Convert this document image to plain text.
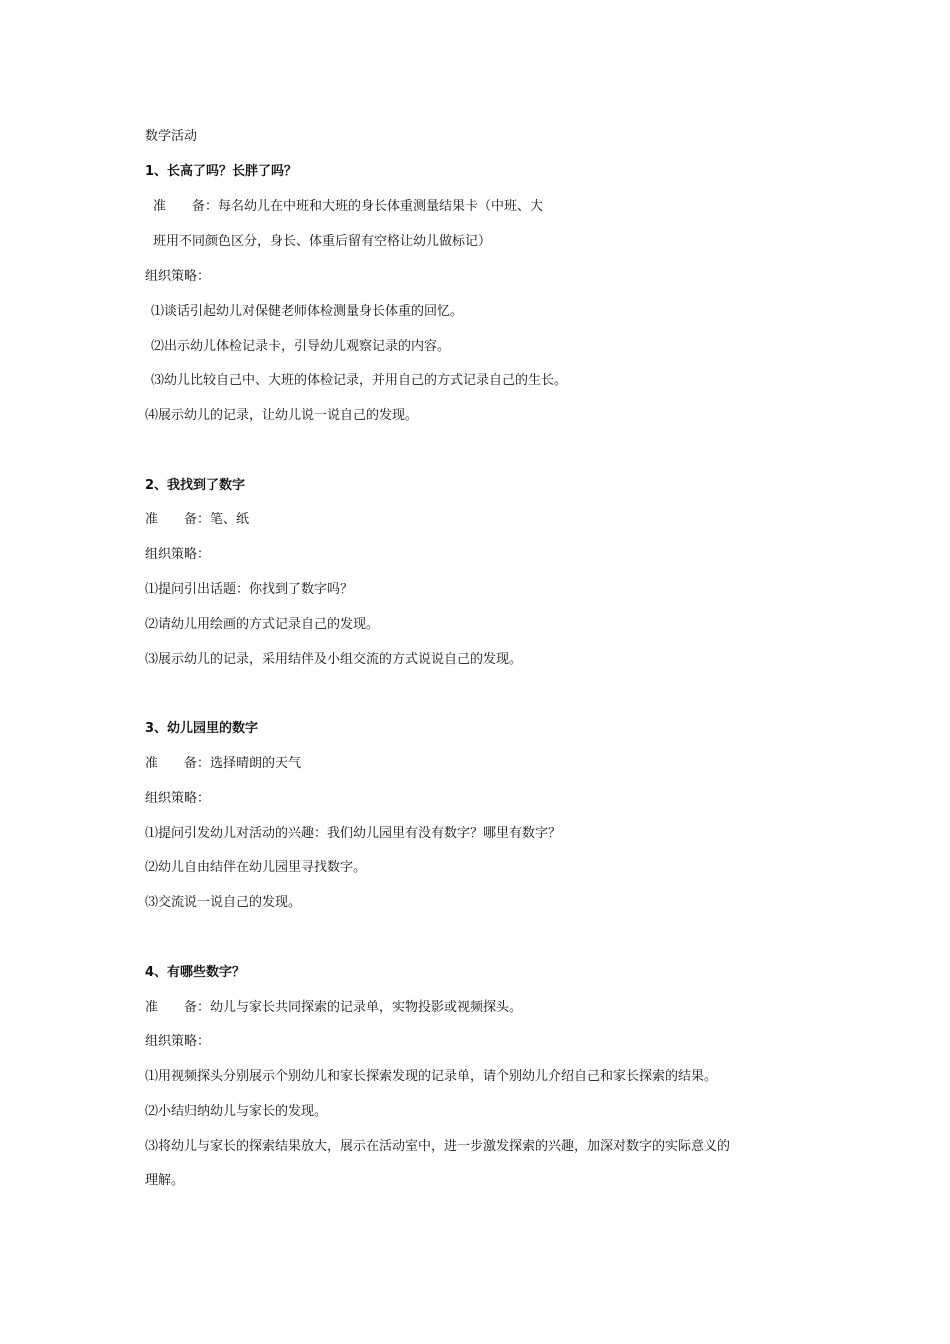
数学活动
1、长高了吗？长胖了吗？
准　　备：每名幼儿在中班和大班的身长体重测量结果卡（中班、大
班用不同颜色区分，身长、体重后留有空格让幼儿做标记）
组织策略：
⑴谈话引起幼儿对保健老师体检测量身长体重的回忆。
⑵出示幼儿体检记录卡，引导幼儿观察记录的内容。
⑶幼儿比较自己中、大班的体检记录，并用自己的方式记录自己的生长。
⑷展示幼儿的记录，让幼儿说一说自己的发现。
2、我找到了数字
准　　备：笔、纸
组织策略：
⑴提问引出话题：你找到了数字吗？
⑵请幼儿用绘画的方式记录自己的发现。
⑶展示幼儿的记录，采用结伴及小组交流的方式说说自己的发现。
3、幼儿园里的数字
准　　备：选择晴朗的天气
组织策略：
⑴提问引发幼儿对活动的兴趣：我们幼儿园里有没有数字？哪里有数字？
⑵幼儿自由结伴在幼儿园里寻找数字。
⑶交流说一说自己的发现。
4、有哪些数字？
准　　备：幼儿与家长共同探索的记录单，实物投影或视频探头。
组织策略：
⑴用视频探头分别展示个别幼儿和家长探索发现的记录单，请个别幼儿介绍自己和家长探索的结果。
⑵小结归纳幼儿与家长的发现。
⑶将幼儿与家长的探索结果放大，展示在活动室中，进一步激发探索的兴趣，加深对数字的实际意义的
理解。
